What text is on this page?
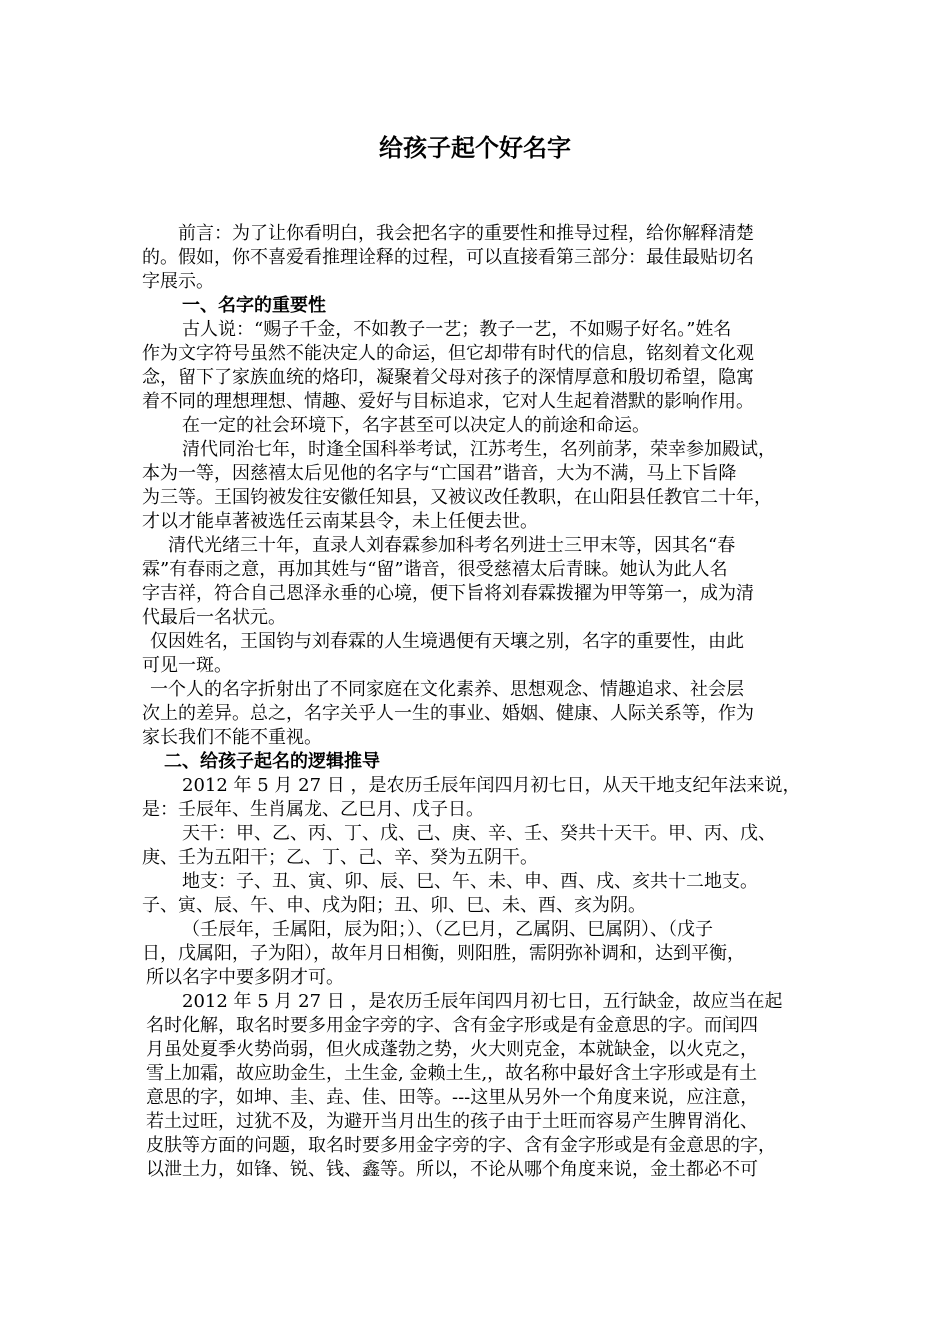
给孩子起个好名字
前言：为了让你看明白，我会把名字的重要性和推导过程，给你解释清楚
的。假如，你不喜爱看推理诠释的过程，可以直接看第三部分：最佳最贴切名
字展示。
一、名字的重要性
古人说：“赐子千金，不如教子一艺；教子一艺，不如赐子好名。”姓名
作为文字符号虽然不能决定人的命运，但它却带有时代的信息，铭刻着文化观
念，留下了家族血统的烙印，凝聚着父母对孩子的深情厚意和殷切希望，隐寓
着不同的理想理想、情趣、爱好与目标追求，它对人生起着潜默的影响作用。
在一定的社会环境下，名字甚至可以决定人的前途和命运。
清代同治七年，时逢全国科举考试，江苏考生，名列前茅，荣幸参加殿试，
本为一等，因慈禧太后见他的名字与“亡国君”谐音，大为不满，马上下旨降
为三等。王国钧被发往安徽任知县，又被议改任教职，在山阳县任教官二十年，
才以才能卓著被选任云南某县令，未上任便去世。
清代光绪三十年，直录人刘春霖参加科考名列进士三甲末等，因其名“春
霖”有春雨之意，再加其姓与“留”谐音，很受慈禧太后青睐。她认为此人名
字吉祥，符合自己恩泽永垂的心境，便下旨将刘春霖拨擢为甲等第一，成为清
代最后一名状元。
仅因姓名，王国钧与刘春霖的人生境遇便有天壤之别，名字的重要性，由此
可见一斑。
一个人的名字折射出了不同家庭在文化素养、思想观念、情趣追求、社会层
次上的差异。总之，名字关乎人一生的事业、婚姻、健康、人际关系等，作为
家长我们不能不重视。
二、给孩子起名的逻辑推导
2012 年 5 月 27 日 ，是农历壬辰年闰四月初七日，从天干地支纪年法来说，
是：壬辰年、生肖属龙、乙巳月、戊子日。
天干：甲、乙、丙、丁、戊、己、庚、辛、壬、癸共十天干。甲、丙、戊、
庚、壬为五阳干；乙、丁、己、辛、癸为五阴干。
地支：子、丑、寅、卯、辰、巳、午、未、申、酉、戌、亥共十二地支。
子、寅、辰、午、申、戌为阳；丑、卯、巳、未、酉、亥为阴。
（壬辰年，壬属阳，辰为阳；）、（乙巳月，乙属阴、巳属阴）、（戊子
日，戊属阳，子为阳），故年月日相衡，则阳胜，需阴弥补调和，达到平衡，
所以名字中要多阴才可。
2012 年 5 月 27 日 ，是农历壬辰年闰四月初七日，五行缺金，故应当在起
名时化解，取名时要多用金字旁的字、含有金字形或是有金意思的字。而闰四
月虽处夏季火势尚弱，但火成蓬勃之势，火大则克金，本就缺金，以火克之，
雪上加霜，故应助金生，土生金, 金赖土生,，故名称中最好含土字形或是有土
意思的字，如坤、圭、垚、佳、田等。---这里从另外一个角度来说，应注意，
若土过旺，过犹不及，为避开当月出生的孩子由于土旺而容易产生脾胃消化、
皮肤等方面的问题，取名时要多用金字旁的字、含有金字形或是有金意思的字，
以泄土力，如锋、锐、钱、鑫等。所以，不论从哪个角度来说，金土都必不可
